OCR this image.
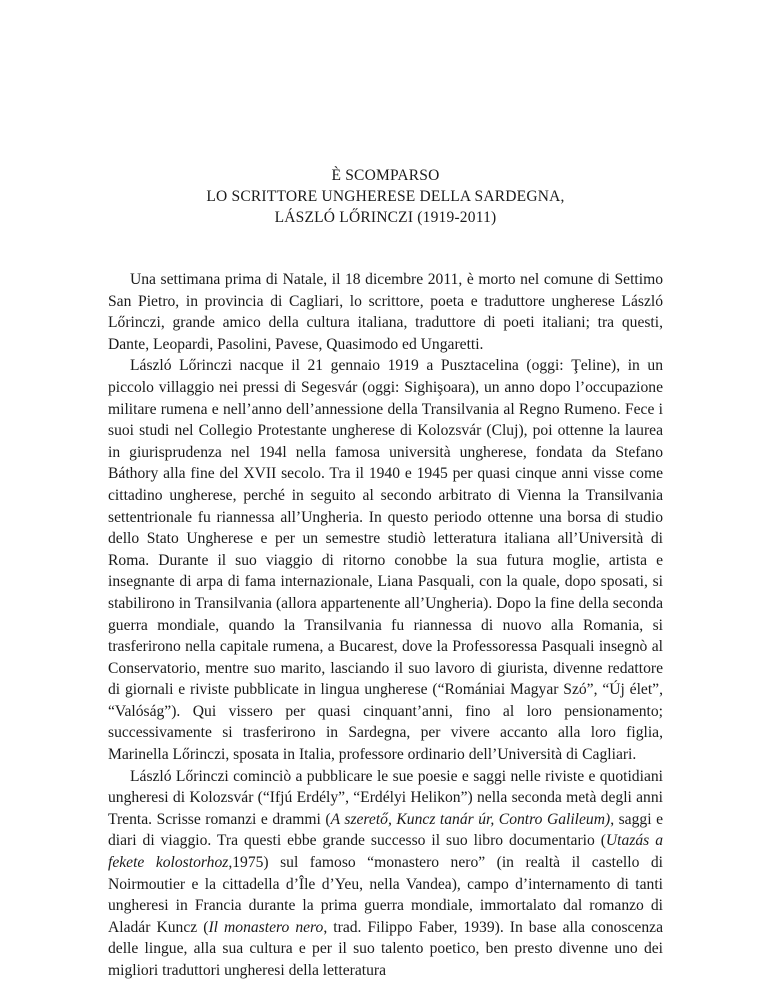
È SCOMPARSO
LO SCRITTORE UNGHERESE DELLA SARDEGNA,
LÁSZLÓ LŐRINCZI (1919-2011)

Una settimana prima di Natale, il 18 dicembre 2011, è morto nel comune di Settimo San Pietro, in provincia di Cagliari, lo scrittore, poeta e traduttore ungherese László Lőrinczi, grande amico della cultura italiana, traduttore di poeti italiani; tra questi, Dante, Leopardi, Pasolini, Pavese, Quasimodo ed Ungaretti.

László Lőrinczi nacque il 21 gennaio 1919 a Pusztacelina (oggi: Ţeline), in un piccolo villaggio nei pressi di Segesvár (oggi: Sighişoara), un anno dopo l’occupazione militare rumena e nell’anno dell’annessione della Transilvania al Regno Rumeno. Fece i suoi studi nel Collegio Protestante ungherese di Kolozsvár (Cluj), poi ottenne la laurea in giurisprudenza nel 194l nella famosa università ungherese, fondata da Stefano Báthory alla fine del XVII secolo. Tra il 1940 e 1945 per quasi cinque anni visse come cittadino ungherese, perché in seguito al secondo arbitrato di Vienna la Transilvania settentrionale fu riannessa all’Ungheria. In questo periodo ottenne una borsa di studio dello Stato Ungherese e per un semestre studiò letteratura italiana all’Università di Roma. Durante il suo viaggio di ritorno conobbe la sua futura moglie, artista e insegnante di arpa di fama internazionale, Liana Pasquali, con la quale, dopo sposati, si stabilirono in Transilvania (allora appartenente all’Ungheria). Dopo la fine della seconda guerra mondiale, quando la Transilvania fu riannessa di nuovo alla Romania, si trasferirono nella capitale rumena, a Bucarest, dove la Professoressa Pasquali insegnò al Conservatorio, mentre suo marito, lasciando il suo lavoro di giurista, divenne redattore di giornali e riviste pubblicate in lingua ungherese (“Romániai Magyar Szó”, “Új élet”, “Valóság”). Qui vissero per quasi cinquant’anni, fino al loro pensionamento; successivamente si trasferirono in Sardegna, per vivere accanto alla loro figlia, Marinella Lőrinczi, sposata in Italia, professore ordinario dell’Università di Cagliari.

László Lőrinczi cominciò a pubblicare le sue poesie e saggi nelle riviste e quotidiani ungheresi di Kolozsvár (“Ifjú Erdély”, “Erdélyi Helikon”) nella seconda metà degli anni Trenta. Scrisse romanzi e drammi (A szerető, Kuncz tanár úr, Contro Galileum), saggi e diari di viaggio. Tra questi ebbe grande successo il suo libro documentario (Utazás a fekete kolostorhoz,1975) sul famoso “monastero nero” (in realtà il castello di Noirmoutier e la cittadella d’Île d’Yeu, nella Vandea), campo d’internamento di tanti ungheresi in Francia durante la prima guerra mondiale, immortalato dal romanzo di Aladár Kuncz (Il monastero nero, trad. Filippo Faber, 1939). In base alla conoscenza delle lingue, alla sua cultura e per il suo talento poetico, ben presto divenne uno dei migliori traduttori ungheresi della letteratura
